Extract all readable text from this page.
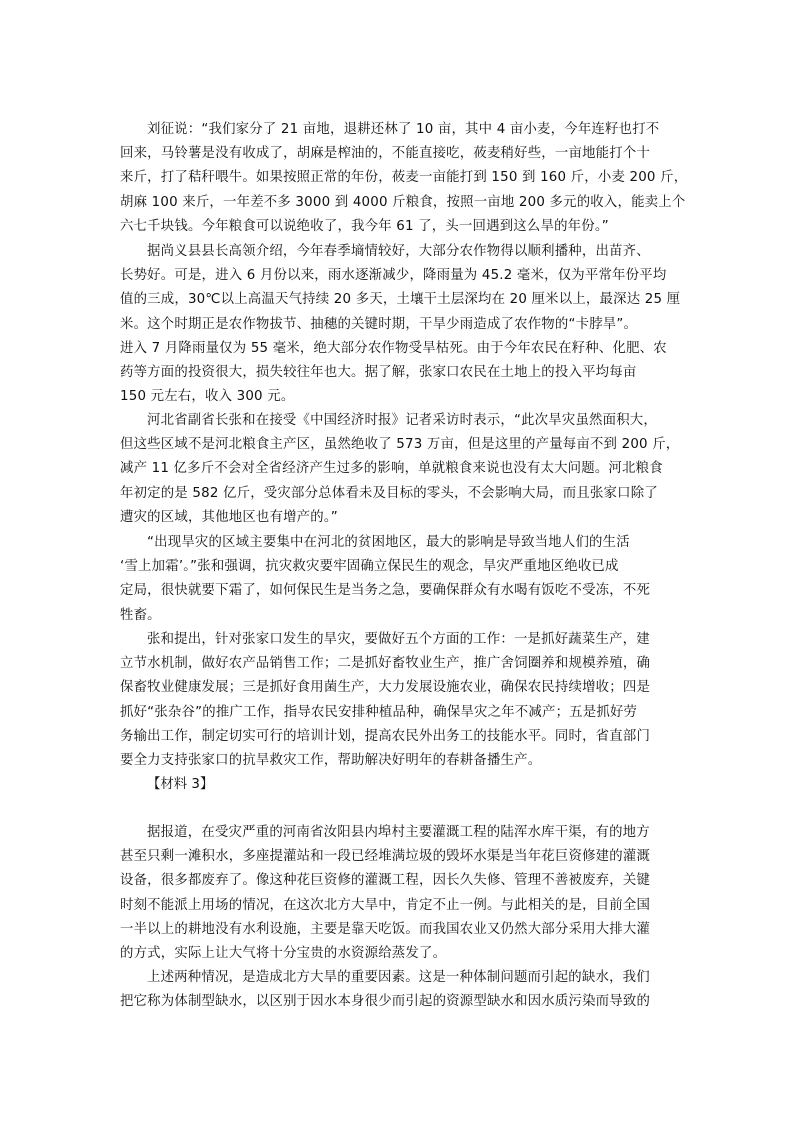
刘征说：“我们家分了 21 亩地，退耕还林了 10 亩，其中 4 亩小麦，今年连籽也打不
回来，马铃薯是没有收成了，胡麻是榨油的，不能直接吃，莜麦稍好些，一亩地能打个十
来斤，打了秸秆喂牛。如果按照正常的年份，莜麦一亩能打到 150 到 160 斤，小麦 200 斤，
胡麻 100 来斤，一年差不多 3000 到 4000 斤粮食，按照一亩地 200 多元的收入，能卖上个
六七千块钱。今年粮食可以说绝收了，我今年 61 了，头一回遇到这么旱的年份。”

据尚义县县长高领介绍，今年春季墒情较好，大部分农作物得以顺利播种，出苗齐、
长势好。可是，进入 6 月份以来，雨水逐渐减少，降雨量为 45.2 毫米，仅为平常年份平均
值的三成，30℃以上高温天气持续 20 多天，土壤干土层深均在 20 厘米以上，最深达 25 厘
米。这个时期正是农作物拔节、抽穗的关键时期，干旱少雨造成了农作物的“卡脖旱”。
进入 7 月降雨量仅为 55 毫米，绝大部分农作物受旱枯死。由于今年农民在籽种、化肥、农
药等方面的投资很大，损失较往年也大。据了解，张家口农民在土地上的投入平均每亩
150 元左右，收入 300 元。

河北省副省长张和在接受《中国经济时报》记者采访时表示，“此次旱灾虽然面积大，
但这些区域不是河北粮食主产区，虽然绝收了 573 万亩，但是这里的产量每亩不到 200 斤，
减产 11 亿多斤不会对全省经济产生过多的影响，单就粮食来说也没有太大问题。河北粮食
年初定的是 582 亿斤，受灾部分总体看未及目标的零头，不会影响大局，而且张家口除了
遭灾的区域，其他地区也有增产的。”

“出现旱灾的区域主要集中在河北的贫困地区，最大的影响是导致当地人们的生活
‘雪上加霜’。”张和强调，抗灾救灾要牢固确立保民生的观念，旱灾严重地区绝收已成
定局，很快就要下霜了，如何保民生是当务之急，要确保群众有水喝有饭吃不受冻，不死
牲畜。

张和提出，针对张家口发生的旱灾，要做好五个方面的工作：一是抓好蔬菜生产，建
立节水机制，做好农产品销售工作；二是抓好畜牧业生产，推广舍饲圈养和规模养殖，确
保畜牧业健康发展；三是抓好食用菌生产，大力发展设施农业，确保农民持续增收；四是
抓好“张杂谷”的推广工作，指导农民安排种植品种，确保旱灾之年不减产；五是抓好劳
务输出工作，制定切实可行的培训计划，提高农民外出务工的技能水平。同时，省直部门
要全力支持张家口的抗旱救灾工作，帮助解决好明年的春耕备播生产。

【材料 3】

据报道，在受灾严重的河南省汝阳县内埠村主要灌溉工程的陆浑水库干渠，有的地方
甚至只剩一滩积水，多座提灌站和一段已经堆满垃圾的毁坏水渠是当年花巨资修建的灌溉
设备，很多都废弃了。像这种花巨资修的灌溉工程，因长久失修、管理不善被废弃，关键
时刻不能派上用场的情况，在这次北方大旱中，肯定不止一例。与此相关的是，目前全国
一半以上的耕地没有水利设施，主要是靠天吃饭。而我国农业又仍然大部分采用大排大灌
的方式，实际上让大气将十分宝贵的水资源给蒸发了。

上述两种情况，是造成北方大旱的重要因素。这是一种体制问题而引起的缺水，我们
把它称为体制型缺水，以区别于因水本身很少而引起的资源型缺水和因水质污染而导致的
